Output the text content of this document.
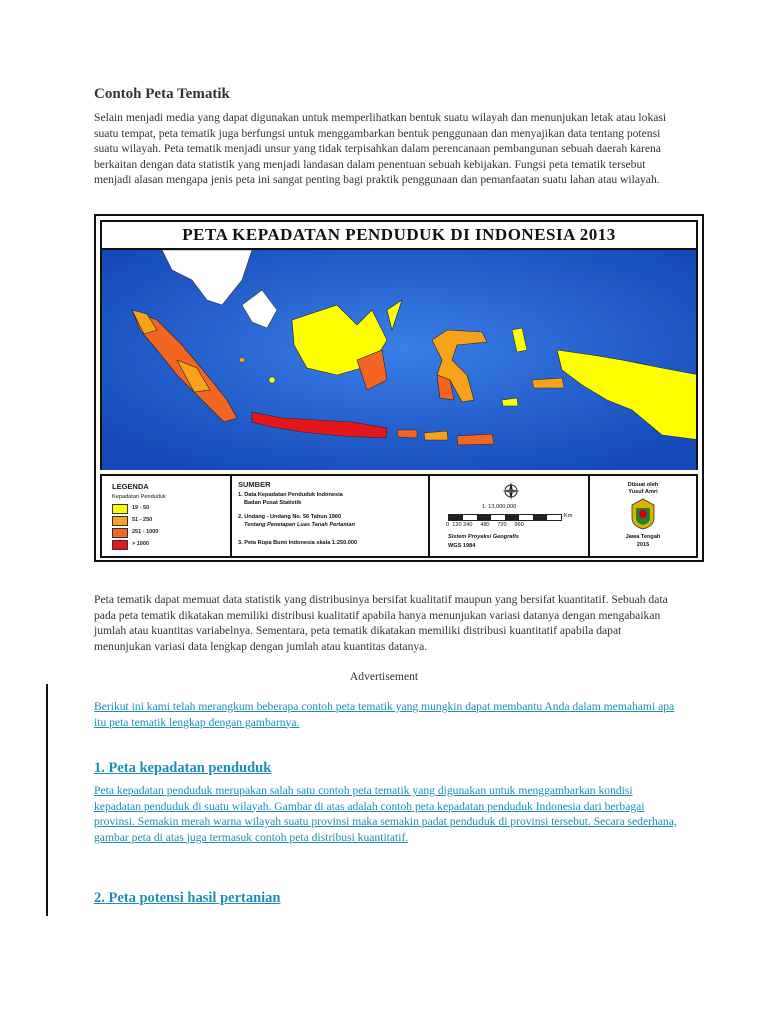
Contoh Peta Tematik

Selain menjadi media yang dapat digunakan untuk memperlihatkan bentuk suatu wilayah dan menunjukan letak atau lokasi suatu tempat, peta tematik juga berfungsi untuk menggambarkan bentuk penggunaan dan menyajikan data tentang potensi suatu wilayah. Peta tematik menjadi unsur yang tidak terpisahkan dalam perencanaan pembangunan sebuah daerah karena berkaitan dengan data statistik yang menjadi landasan dalam penentuan sebuah kebijakan. Fungsi peta tematik tersebut menjadi alasan mengapa jenis peta ini sangat penting bagi praktik penggunaan dan pemanfaatan suatu lahan atau wilayah.

PETA KEPADATAN PENDUDUK DI INDONESIA 2013
LEGENDA
Kepadatan Penduduk
19 - 50
51 - 250
251 - 1000
> 1000
SUMBER
1. Data Kepadatan Penduduk Indonesia
Badan Pusat Statistik
2. Undang - Undang No. 56 Tahun 1960
Tentang Penetapan Luas Tanah Pertanian
3. Peta Rupa Bumi Indonesia skala 1:250.000
1: 13,000,000
Km
0  120 240     480     720     960
Sistem Proyeksi Geografis
WGS 1984
Dibuat oleh
Yusuf Amri
Jawa Tengah
2015

Peta tematik dapat memuat data statistik yang distribusinya bersifat kualitatif maupun yang bersifat kuantitatif. Sebuah data pada peta tematik dikatakan memiliki distribusi kualitatif apabila hanya menunjukan variasi datanya dengan mengabaikan jumlah atau kuantitas variabelnya. Sementara, peta tematik dikatakan memiliki distribusi kuantitatif apabila dapat menunjukan variasi data lengkap dengan jumlah atau kuantitas datanya.

Advertisement

Berikut ini kami telah merangkum beberapa contoh peta tematik yang mungkin dapat membantu Anda dalam memahami apa itu peta tematik lengkap dengan gambarnya.

1. Peta kepadatan penduduk

Peta kepadatan penduduk merupakan salah satu contoh peta tematik yang digunakan untuk menggambarkan kondisi kepadatan penduduk di suatu wilayah. Gambar di atas adalah contoh peta kepadatan penduduk Indonesia dari berbagai provinsi. Semakin merah warna wilayah suatu provinsi maka semakin padat penduduk di provinsi tersebut. Secara sederhana, gambar peta di atas juga termasuk contoh peta distribusi kuantitatif.

2. Peta potensi hasil pertanian
